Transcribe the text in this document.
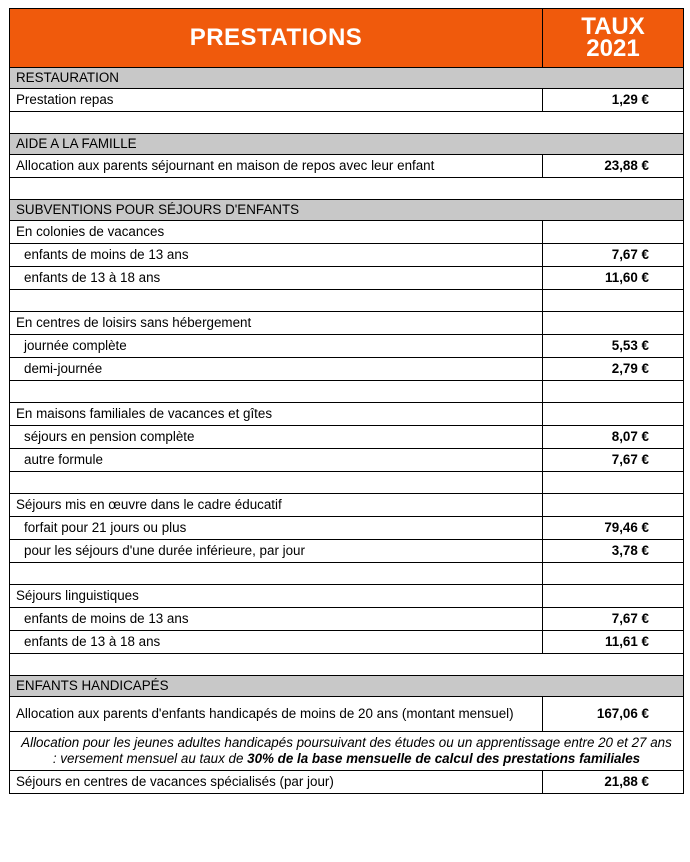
PRESTATIONS	TAUX
2021

RESTAURATION	
Prestation repas	1,29 €

AIDE A LA FAMILLE	
Allocation aux parents séjournant en maison de repos avec leur enfant	23,88 €

SUBVENTIONS POUR SÉJOURS D'ENFANTS	
En colonies de vacances	
enfants de moins de 13 ans	7,67 €
enfants de 13 à 18 ans	11,60 €

En centres de loisirs sans hébergement	
journée complète	5,53 €
demi-journée	2,79 €

En maisons familiales de vacances et gîtes	
séjours en pension complète	8,07 €
autre formule	7,67 €

Séjours mis en œuvre dans le cadre éducatif	
forfait pour 21 jours ou plus	79,46 €
pour les séjours d'une durée inférieure, par jour	3,78 €

Séjours linguistiques	
enfants de moins de 13 ans	7,67 €
enfants de 13 à 18 ans	11,61 €

ENFANTS HANDICAPÉS	
Allocation aux parents d'enfants handicapés de moins de 20 ans (montant mensuel)	167,06 €
Allocation pour les jeunes adultes handicapés poursuivant des études ou un apprentissage entre 20 et 27 ans : versement mensuel au taux de 30% de la base mensuelle de calcul des prestations familiales	
Séjours en centres de vacances spécialisés (par jour)	21,88 €
